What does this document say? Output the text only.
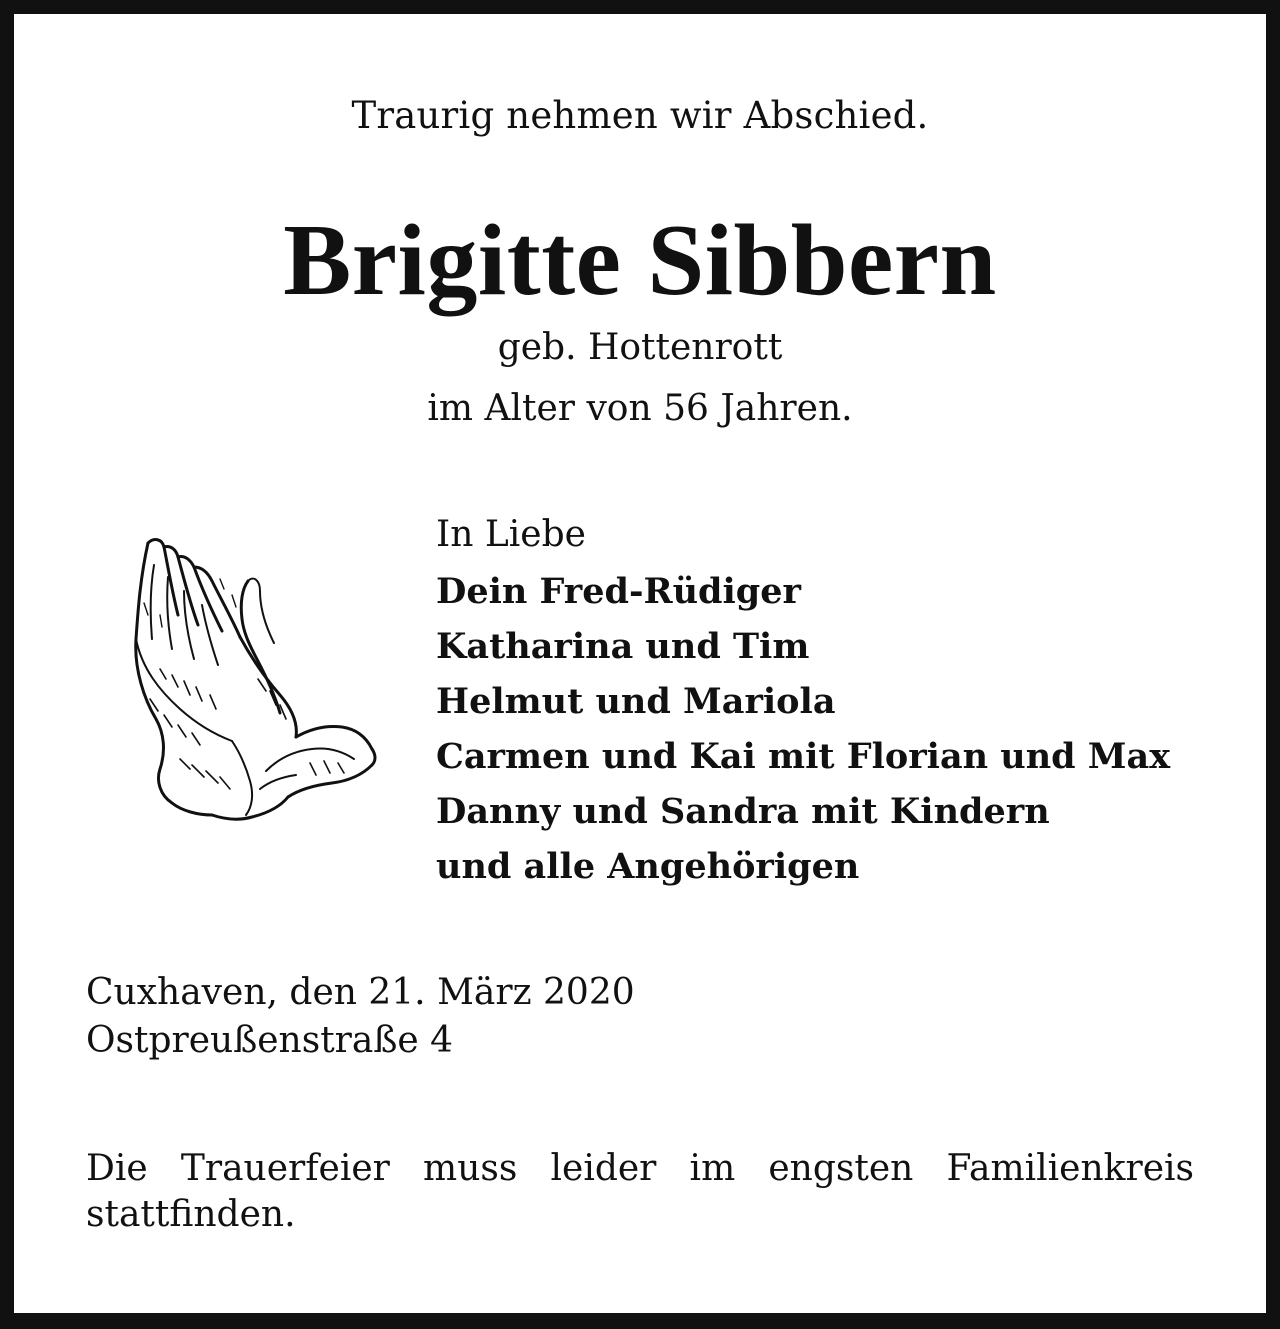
Traurig nehmen wir Abschied.
Brigitte Sibbern
geb. Hottenrott
im Alter von 56 Jahren.
In Liebe
Dein Fred-Rüdiger
Katharina und Tim
Helmut und Mariola
Carmen und Kai mit Florian und Max
Danny und Sandra mit Kindern
und alle Angehörigen
Cuxhaven, den 21. März 2020
Ostpreußenstraße 4
Die Trauerfeier muss leider im engsten Familienkreis stattfinden.
